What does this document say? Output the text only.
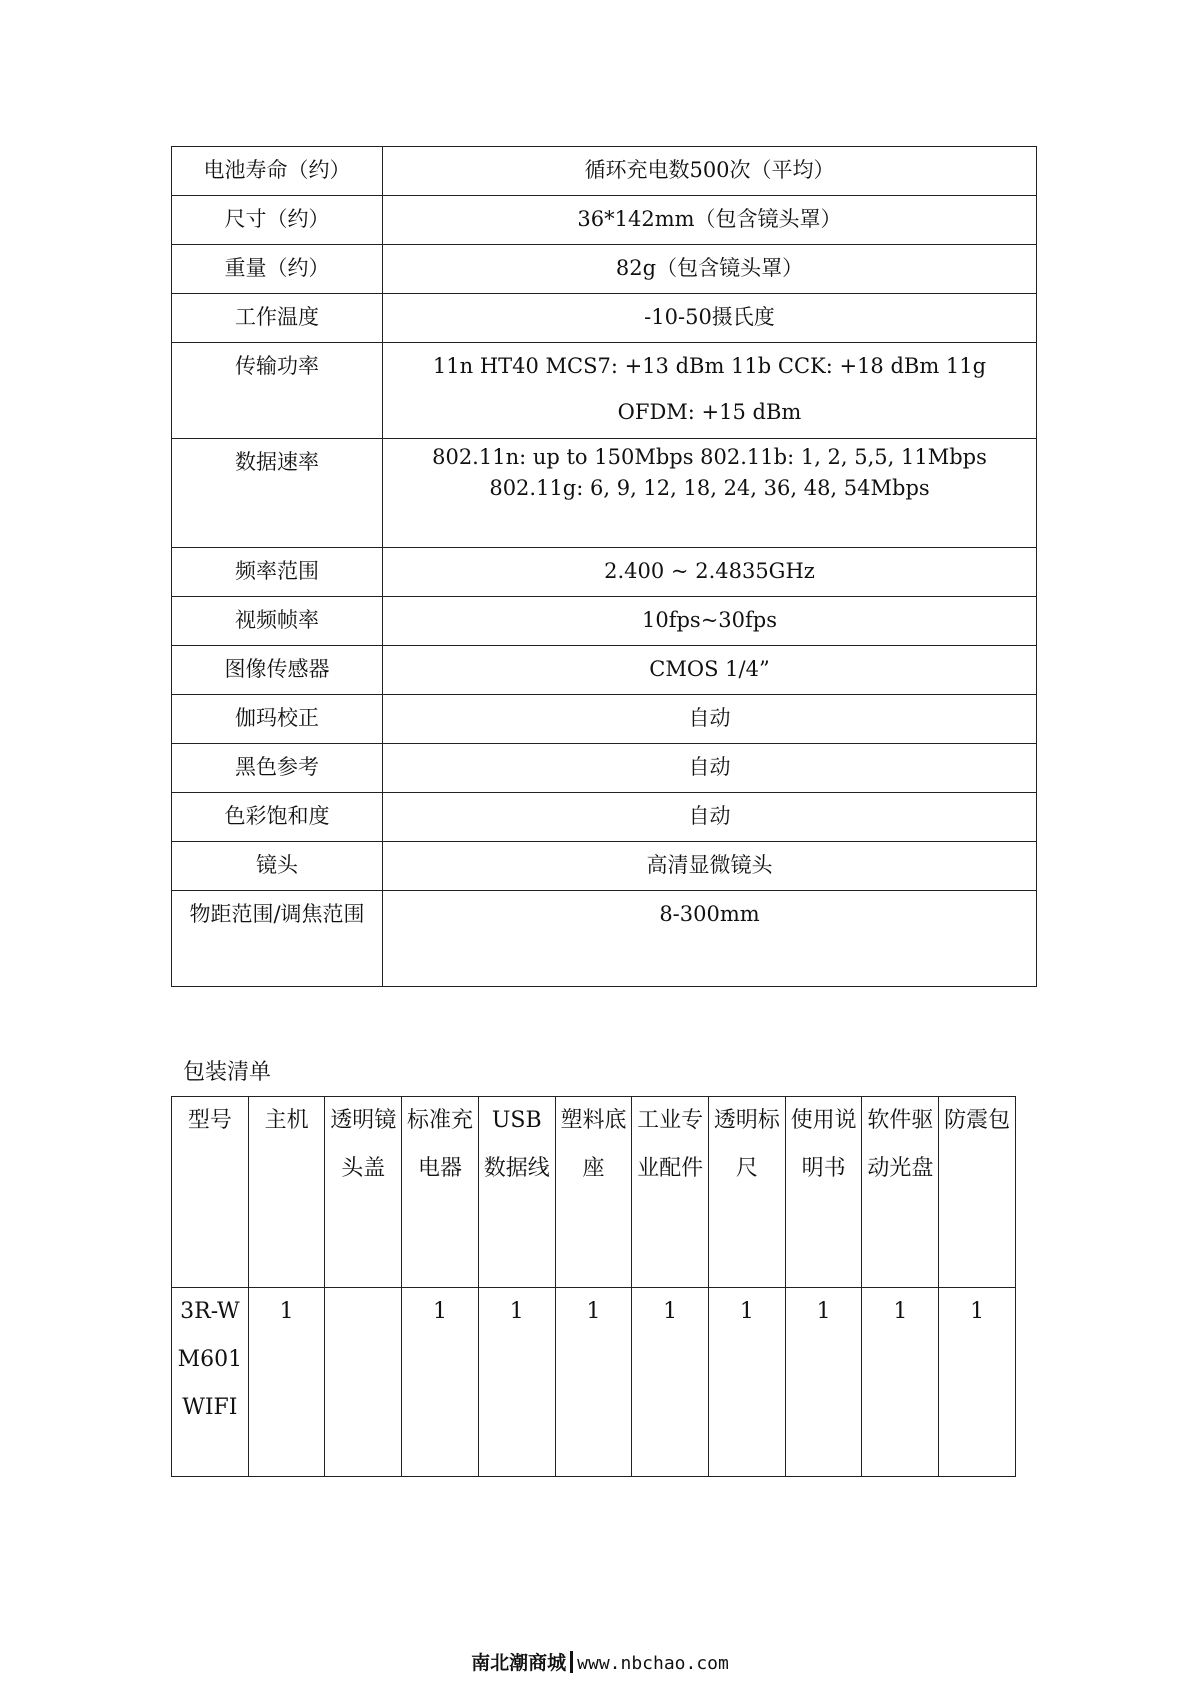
电池寿命（约）	循环充电数500次（平均）
尺寸（约）	36*142mm（包含镜头罩）
重量（约）	82g（包含镜头罩）
工作温度	-10-50摄氏度
传输功率	11n HT40 MCS7: +13 dBm 11b CCK: +18 dBm 11g OFDM: +15 dBm
数据速率	802.11n: up to 150Mbps 802.11b: 1, 2, 5,5, 11Mbps
802.11g: 6, 9, 12, 18, 24, 36, 48, 54Mbps

频率范围	2.400 ~ 2.4835GHz
视频帧率	10fps~30fps
图像传感器	CMOS 1/4”
伽玛校正	自动
黑色参考	自动
色彩饱和度	自动
镜头	高清显微镜头
物距范围/调焦范围	8-300mm
包装清单
型号	主机	透明镜头盖	标准充电器	USB数据线	塑料底座	工业专业配件	透明标尺	使用说明书	软件驱动光盘	防震包
3R-WM601WIFI	1		1	1	1	1	1	1	1	1
南北潮商城 www.nbchao.com
